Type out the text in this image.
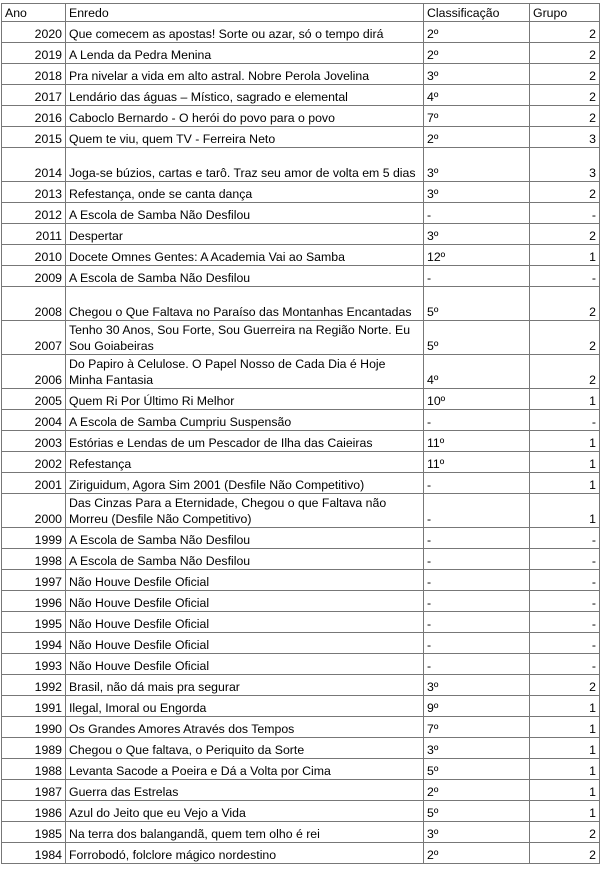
Ano	Enredo	Classificação	Grupo
2020	Que comecem as apostas! Sorte ou azar, só o tempo dirá	2º	2
2019	A Lenda da Pedra Menina	2º	2
2018	Pra nivelar a vida em alto astral. Nobre Perola Jovelina	3º	2
2017	Lendário das águas – Místico, sagrado e elemental	4º	2
2016	Caboclo Bernardo - O herói do povo para o povo	7º	2
2015	Quem te viu, quem TV - Ferreira Neto	2º	3
2014	Joga-se búzios, cartas e tarô. Traz seu amor de volta em 5 dias	3º	3
2013	Refestança, onde se canta dança	3º	2
2012	A Escola de Samba Não Desfilou	-	-
2011	Despertar	3º	2
2010	Docete Omnes Gentes: A Academia Vai ao Samba	12º	1
2009	A Escola de Samba Não Desfilou	-	-
2008	Chegou o Que Faltava no Paraíso das Montanhas Encantadas	5º	2
2007	Tenho 30 Anos, Sou Forte, Sou Guerreira na Região Norte. Eu Sou Goiabeiras	5º	2
2006	Do Papiro à Celulose. O Papel Nosso de Cada Dia é Hoje Minha Fantasia	4º	2
2005	Quem Ri Por Último Ri Melhor	10º	1
2004	A Escola de Samba Cumpriu Suspensão	-	-
2003	Estórias e Lendas de um Pescador de Ilha das Caieiras	11º	1
2002	Refestança	11º	1
2001	Ziriguidum, Agora Sim 2001 (Desfile Não Competitivo)	-	1
2000	Das Cinzas Para a Eternidade, Chegou o que Faltava não Morreu (Desfile Não Competitivo)	-	1
1999	A Escola de Samba Não Desfilou	-	-
1998	A Escola de Samba Não Desfilou	-	-
1997	Não Houve Desfile Oficial	-	-
1996	Não Houve Desfile Oficial	-	-
1995	Não Houve Desfile Oficial	-	-
1994	Não Houve Desfile Oficial	-	-
1993	Não Houve Desfile Oficial	-	-
1992	Brasil, não dá mais pra segurar	3º	2
1991	Ilegal, Imoral ou Engorda	9º	1
1990	Os Grandes Amores Através dos Tempos	7º	1
1989	Chegou o Que faltava, o Periquito da Sorte	3º	1
1988	Levanta Sacode a Poeira e Dá a Volta por Cima	5º	1
1987	Guerra das Estrelas	2º	1
1986	Azul do Jeito que eu Vejo a Vida	5º	1
1985	Na terra dos balangandã, quem tem olho é rei	3º	2
1984	Forrobodó, folclore mágico nordestino	2º	2
